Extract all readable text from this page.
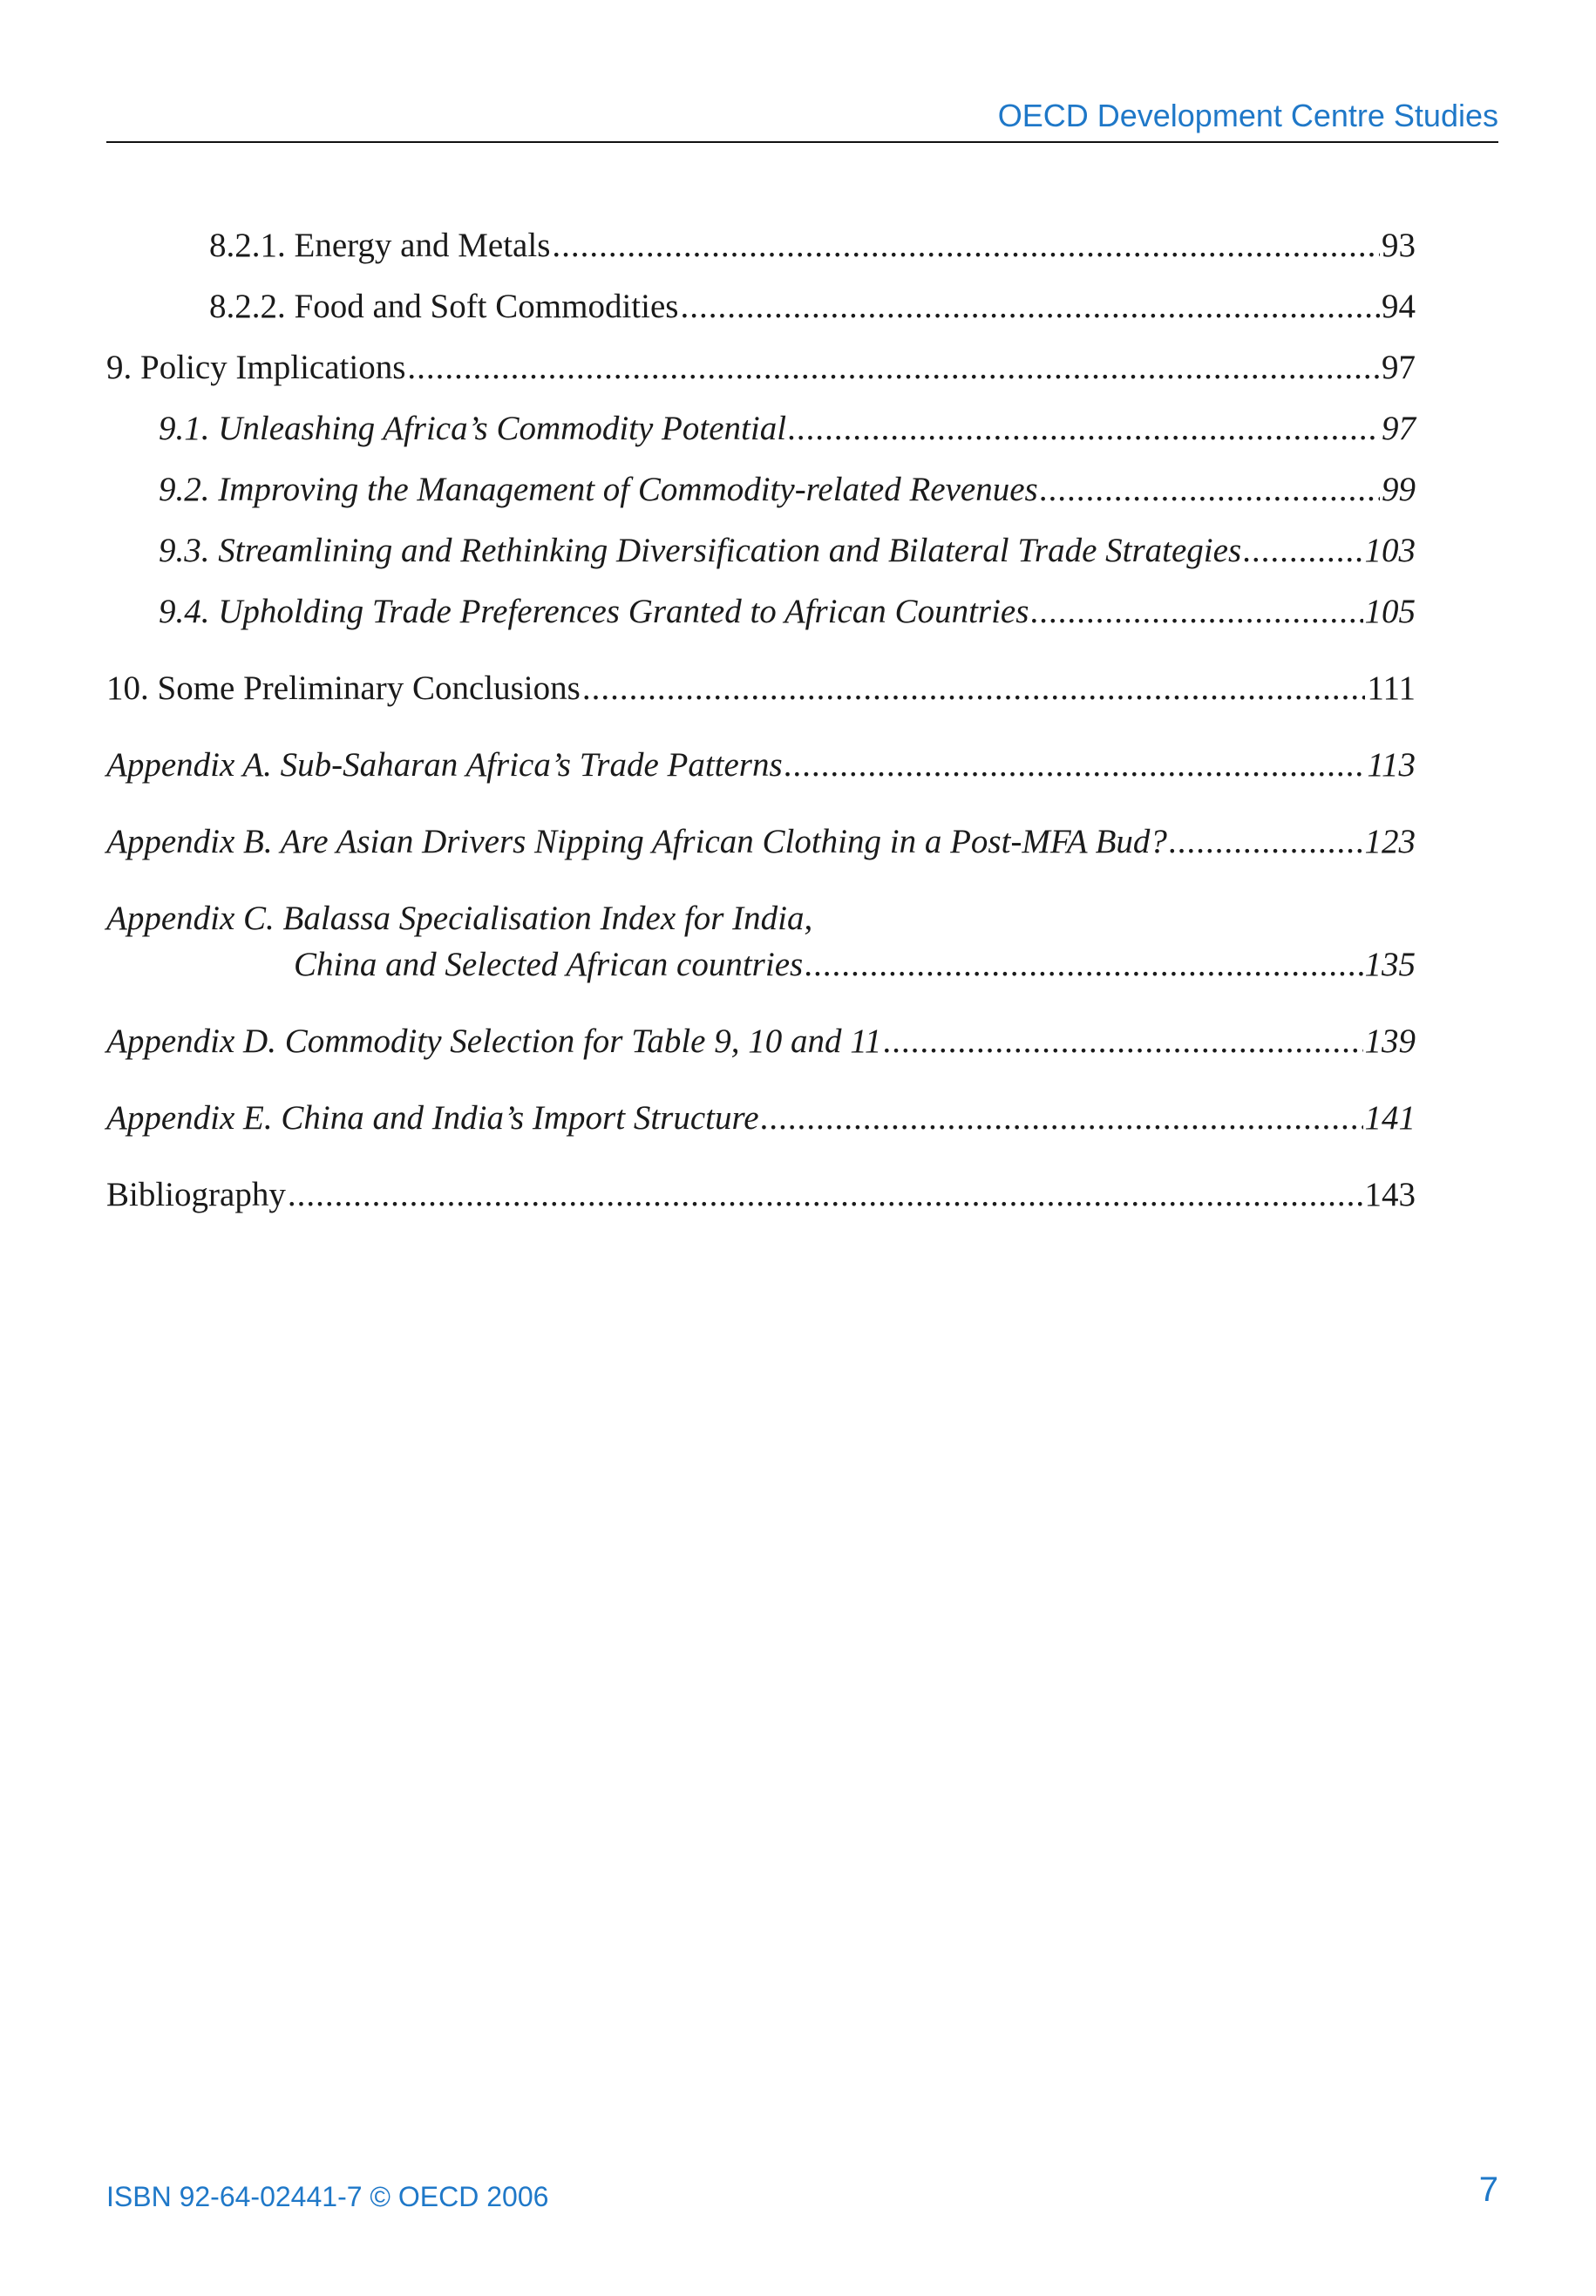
OECD Development Centre Studies
8.2.1. Energy and Metals .....	93
8.2.2. Food and Soft Commodities .....	94
9. Policy Implications .....	97
9.1. Unleashing Africa’s Commodity Potential .....	97
9.2. Improving the Management of Commodity-related Revenues .....	99
9.3. Streamlining and Rethinking Diversification and Bilateral Trade Strategies .....	103
9.4. Upholding Trade Preferences Granted to African Countries .....	105
10. Some Preliminary Conclusions .....	111
Appendix A. Sub-Saharan Africa’s Trade Patterns .....	113
Appendix B. Are Asian Drivers Nipping African Clothing in a Post-MFA Bud? .....	123
Appendix C. Balassa Specialisation Index for India,
China and Selected African countries .....	135
Appendix D. Commodity Selection for Table 9, 10 and 11 .....	139
Appendix E. China and India’s Import Structure .....	141
Bibliography .....	143
ISBN 92-64-02441-7 © OECD 2006	7
